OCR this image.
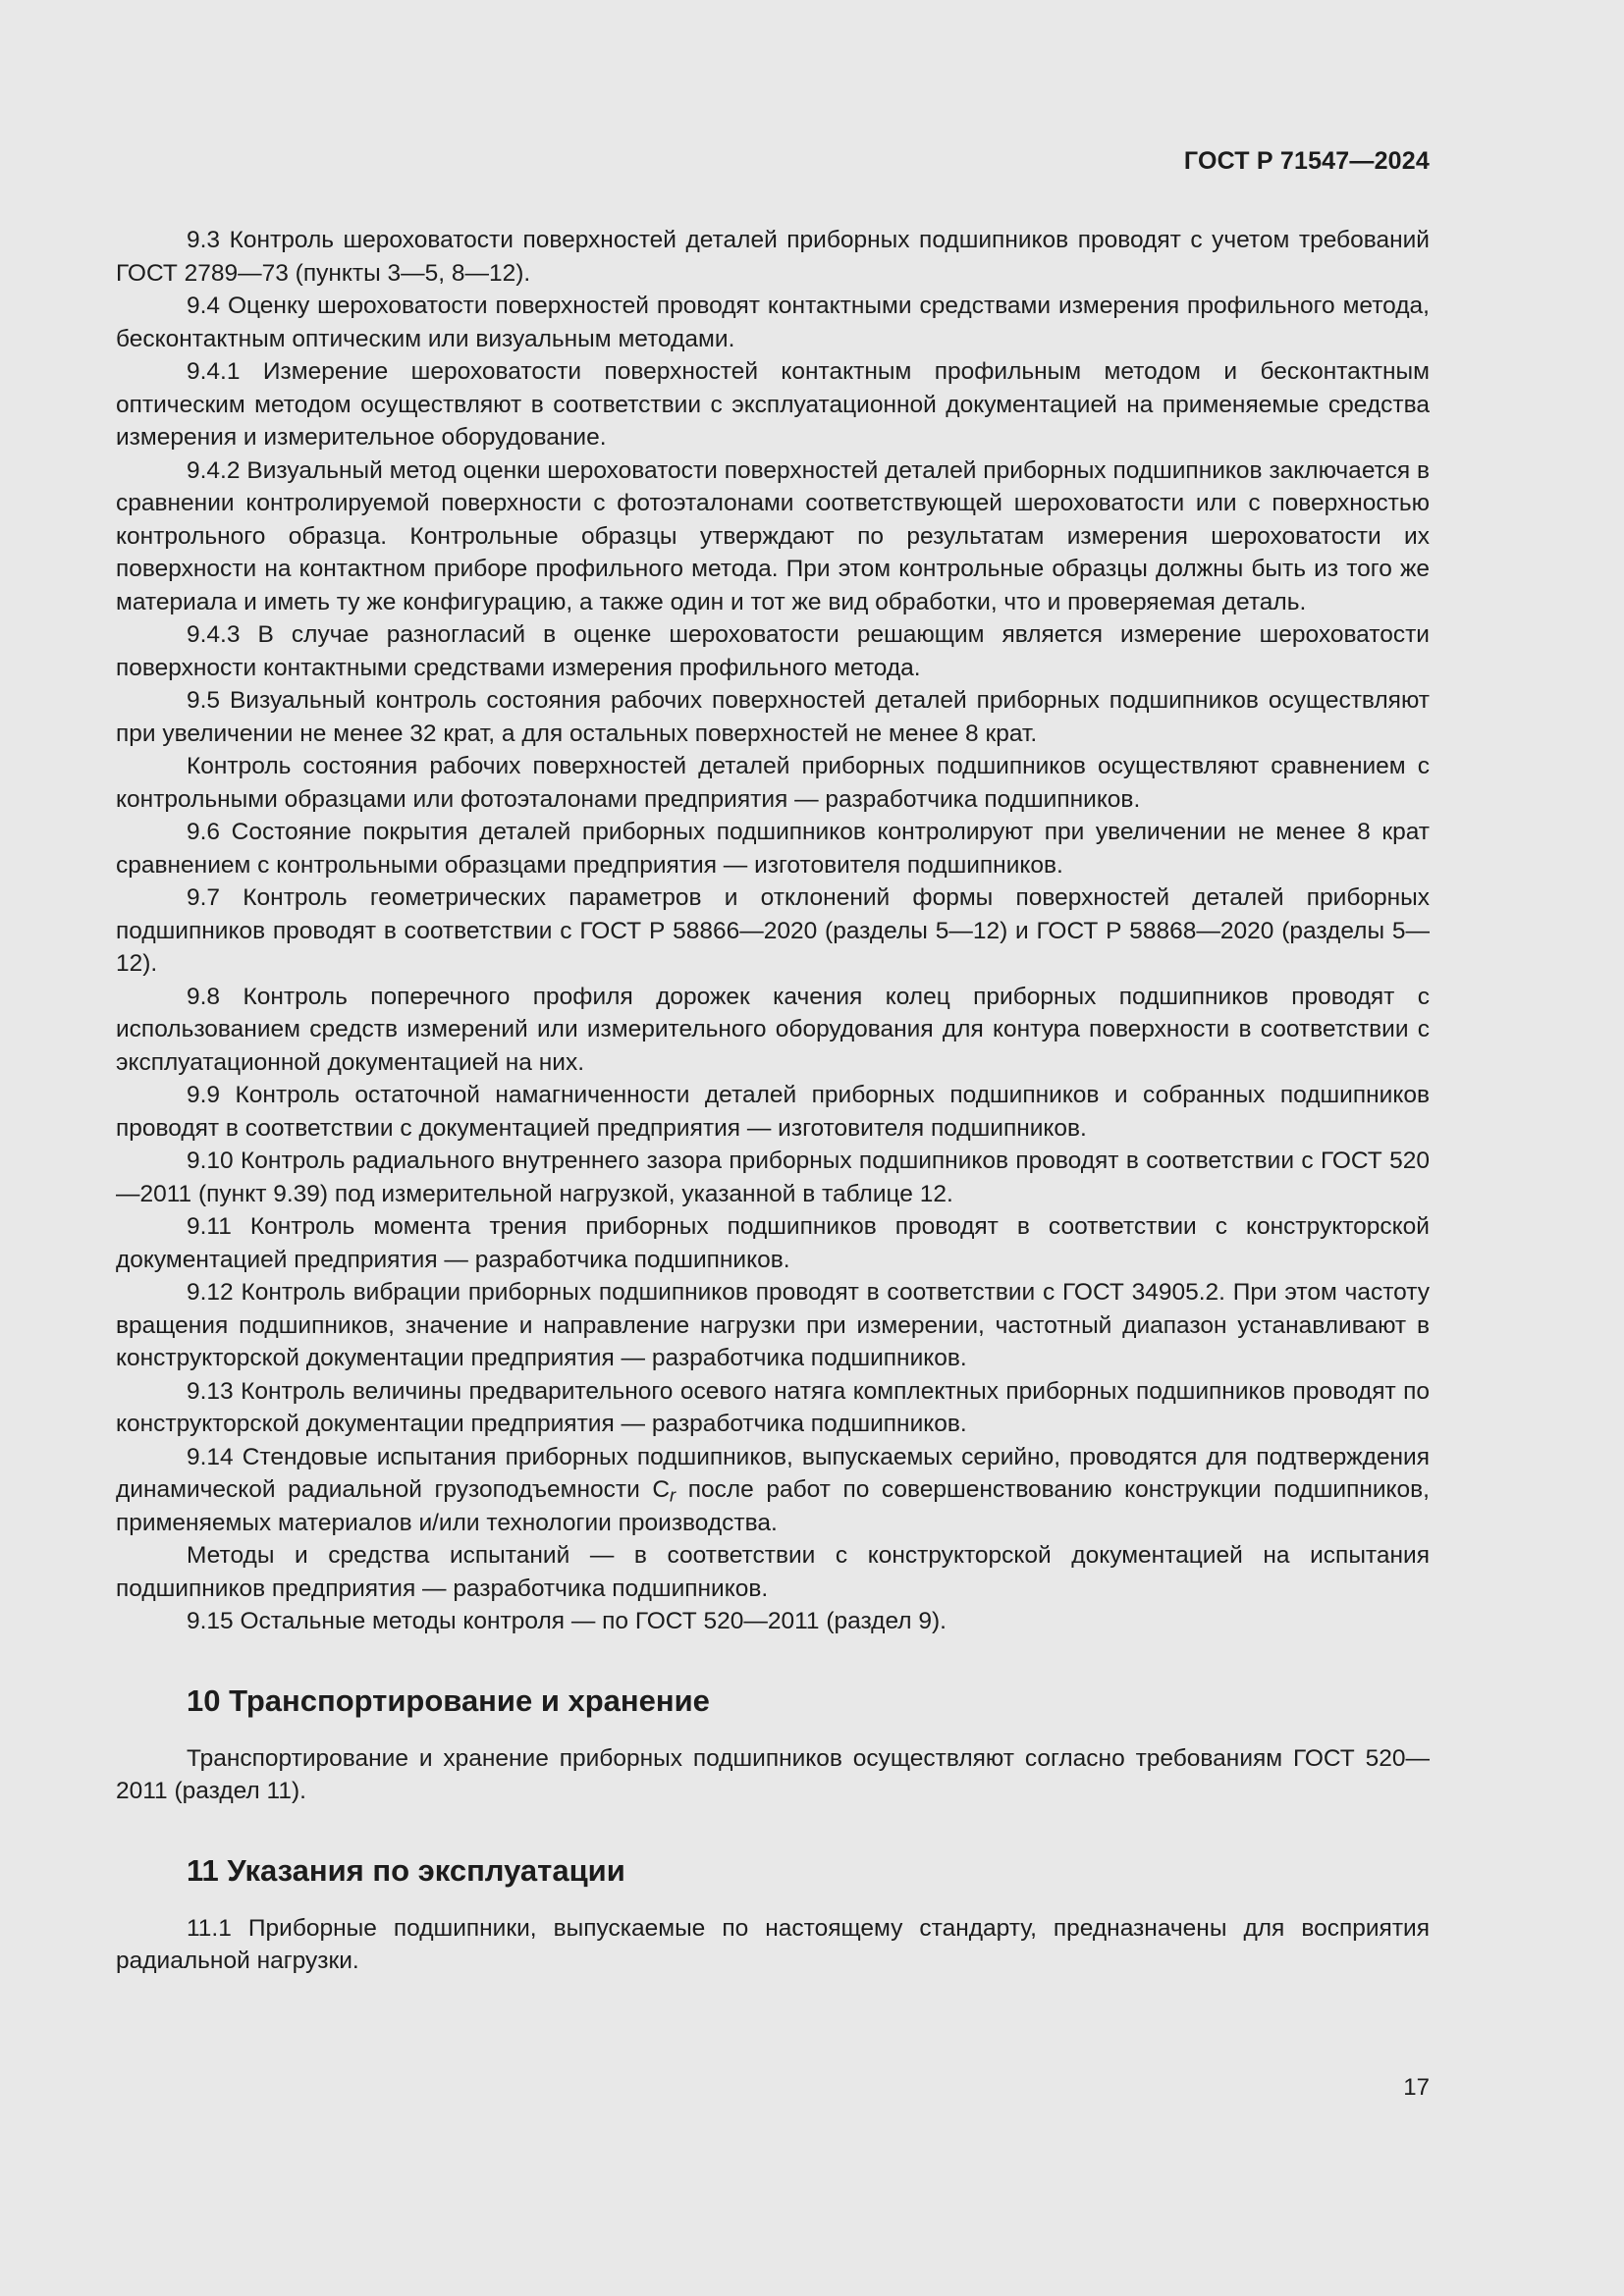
ГОСТ Р 71547—2024

9.3 Контроль шероховатости поверхностей деталей приборных подшипников проводят с учетом требований ГОСТ 2789—73 (пункты 3—5, 8—12).

9.4 Оценку шероховатости поверхностей проводят контактными средствами измерения профильного метода, бесконтактным оптическим или визуальным методами.

9.4.1 Измерение шероховатости поверхностей контактным профильным методом и бесконтактным оптическим методом осуществляют в соответствии с эксплуатационной документацией на применяемые средства измерения и измерительное оборудование.

9.4.2 Визуальный метод оценки шероховатости поверхностей деталей приборных подшипников заключается в сравнении контролируемой поверхности с фотоэталонами соответствующей шероховатости или с поверхностью контрольного образца. Контрольные образцы утверждают по результатам измерения шероховатости их поверхности на контактном приборе профильного метода. При этом контрольные образцы должны быть из того же материала и иметь ту же конфигурацию, а также один и тот же вид обработки, что и проверяемая деталь.

9.4.3 В случае разногласий в оценке шероховатости решающим является измерение шероховатости поверхности контактными средствами измерения профильного метода.

9.5 Визуальный контроль состояния рабочих поверхностей деталей приборных подшипников осуществляют при увеличении не менее 32 крат, а для остальных поверхностей не менее 8 крат.

Контроль состояния рабочих поверхностей деталей приборных подшипников осуществляют сравнением с контрольными образцами или фотоэталонами предприятия — разработчика подшипников.

9.6 Состояние покрытия деталей приборных подшипников контролируют при увеличении не менее 8 крат сравнением с контрольными образцами предприятия — изготовителя подшипников.

9.7 Контроль геометрических параметров и отклонений формы поверхностей деталей приборных подшипников проводят в соответствии с ГОСТ Р 58866—2020 (разделы 5—12) и ГОСТ Р 58868—2020 (разделы 5—12).

9.8 Контроль поперечного профиля дорожек качения колец приборных подшипников проводят с использованием средств измерений или измерительного оборудования для контура поверхности в соответствии с эксплуатационной документацией на них.

9.9 Контроль остаточной намагниченности деталей приборных подшипников и собранных подшипников проводят в соответствии с документацией предприятия — изготовителя подшипников.

9.10 Контроль радиального внутреннего зазора приборных подшипников проводят в соответствии с ГОСТ 520—2011 (пункт 9.39) под измерительной нагрузкой, указанной в таблице 12.

9.11 Контроль момента трения приборных подшипников проводят в соответствии с конструкторской документацией предприятия — разработчика подшипников.

9.12 Контроль вибрации приборных подшипников проводят в соответствии с ГОСТ 34905.2. При этом частоту вращения подшипников, значение и направление нагрузки при измерении, частотный диапазон устанавливают в конструкторской документации предприятия — разработчика подшипников.

9.13 Контроль величины предварительного осевого натяга комплектных приборных подшипников проводят по конструкторской документации предприятия — разработчика подшипников.

9.14 Стендовые испытания приборных подшипников, выпускаемых серийно, проводятся для подтверждения динамической радиальной грузоподъемности $C_r$ после работ по совершенствованию конструкции подшипников, применяемых материалов и/или технологии производства.

Методы и средства испытаний — в соответствии с конструкторской документацией на испытания подшипников предприятия — разработчика подшипников.

9.15 Остальные методы контроля — по ГОСТ 520—2011 (раздел 9).

10 Транспортирование и хранение

Транспортирование и хранение приборных подшипников осуществляют согласно требованиям ГОСТ 520—2011 (раздел 11).

11 Указания по эксплуатации

11.1 Приборные подшипники, выпускаемые по настоящему стандарту, предназначены для восприятия радиальной нагрузки.

17
